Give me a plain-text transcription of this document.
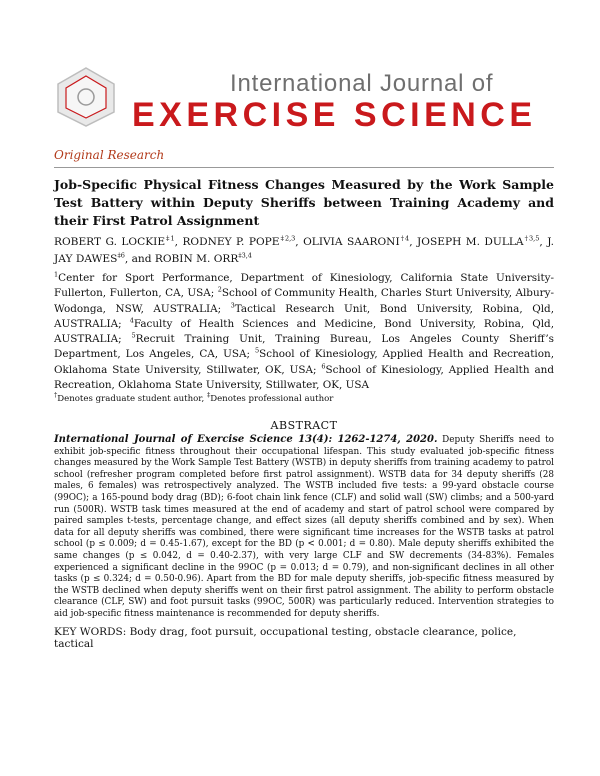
International Journal of
EXERCISE SCIENCE
Original Research
Job-Specific Physical Fitness Changes Measured by the Work Sample Test Battery within Deputy Sheriffs between Training Academy and their First Patrol Assignment
ROBERT G. LOCKIE$^{\ddagger 1}$, RODNEY P. POPE$^{\ddagger 2,3}$, OLIVIA SAARONI$^{\dagger 4}$, JOSEPH M. DULLA$^{\dagger 3,5}$, J. JAY DAWES$^{\ddagger 6}$, and ROBIN M. ORR$^{\ddagger 3,4}$
$^1$Center for Sport Performance, Department of Kinesiology, California State University-Fullerton, Fullerton, CA, USA; $^2$School of Community Health, Charles Sturt University, Albury-Wodonga, NSW, AUSTRALIA; $^3$Tactical Research Unit, Bond University, Robina, Qld, AUSTRALIA; $^4$Faculty of Health Sciences and Medicine, Bond University, Robina, Qld, AUSTRALIA; $^5$Recruit Training Unit, Training Bureau, Los Angeles County Sheriff’s Department, Los Angeles, CA, USA; $^5$School of Kinesiology, Applied Health and Recreation, Oklahoma State University, Stillwater, OK, USA; $^6$School of Kinesiology, Applied Health and Recreation, Oklahoma State University, Stillwater, OK, USA
†Denotes graduate student author, ‡Denotes professional author
ABSTRACT
International Journal of Exercise Science 13(4): 1262-1274, 2020. Deputy Sheriffs need to exhibit job-specific fitness throughout their occupational lifespan. This study evaluated job-specific fitness changes measured by the Work Sample Test Battery (WSTB) in deputy sheriffs from training academy to patrol school (refresher program completed before first patrol assignment). WSTB data for 34 deputy sheriffs (28 males, 6 females) was retrospectively analyzed. The WSTB included five tests: a 99-yard obstacle course (99OC); a 165-pound body drag (BD); 6-foot chain link fence (CLF) and solid wall (SW) climbs; and a 500-yard run (500R). WSTB task times measured at the end of academy and start of patrol school were compared by paired samples t-tests, percentage change, and effect sizes (all deputy sheriffs combined and by sex). When data for all deputy sheriffs was combined, there were significant time increases for the WSTB tasks at patrol school (p ≤ 0.009; d = 0.45-1.67), except for the BD (p < 0.001; d = 0.80). Male deputy sheriffs exhibited the same changes (p ≤ 0.042, d = 0.40-2.37), with very large CLF and SW decrements (34-83%). Females experienced a significant decline in the 99OC (p = 0.013; d = 0.79), and non-significant declines in all other tasks (p ≤ 0.324; d = 0.50-0.96). Apart from the BD for male deputy sheriffs, job-specific fitness measured by the WSTB declined when deputy sheriffs went on their first patrol assignment. The ability to perform obstacle clearance (CLF, SW) and foot pursuit tasks (99OC, 500R) was particularly reduced. Intervention strategies to aid job-specific fitness maintenance is recommended for deputy sheriffs.
KEY WORDS: Body drag, foot pursuit, occupational testing, obstacle clearance, police, tactical
